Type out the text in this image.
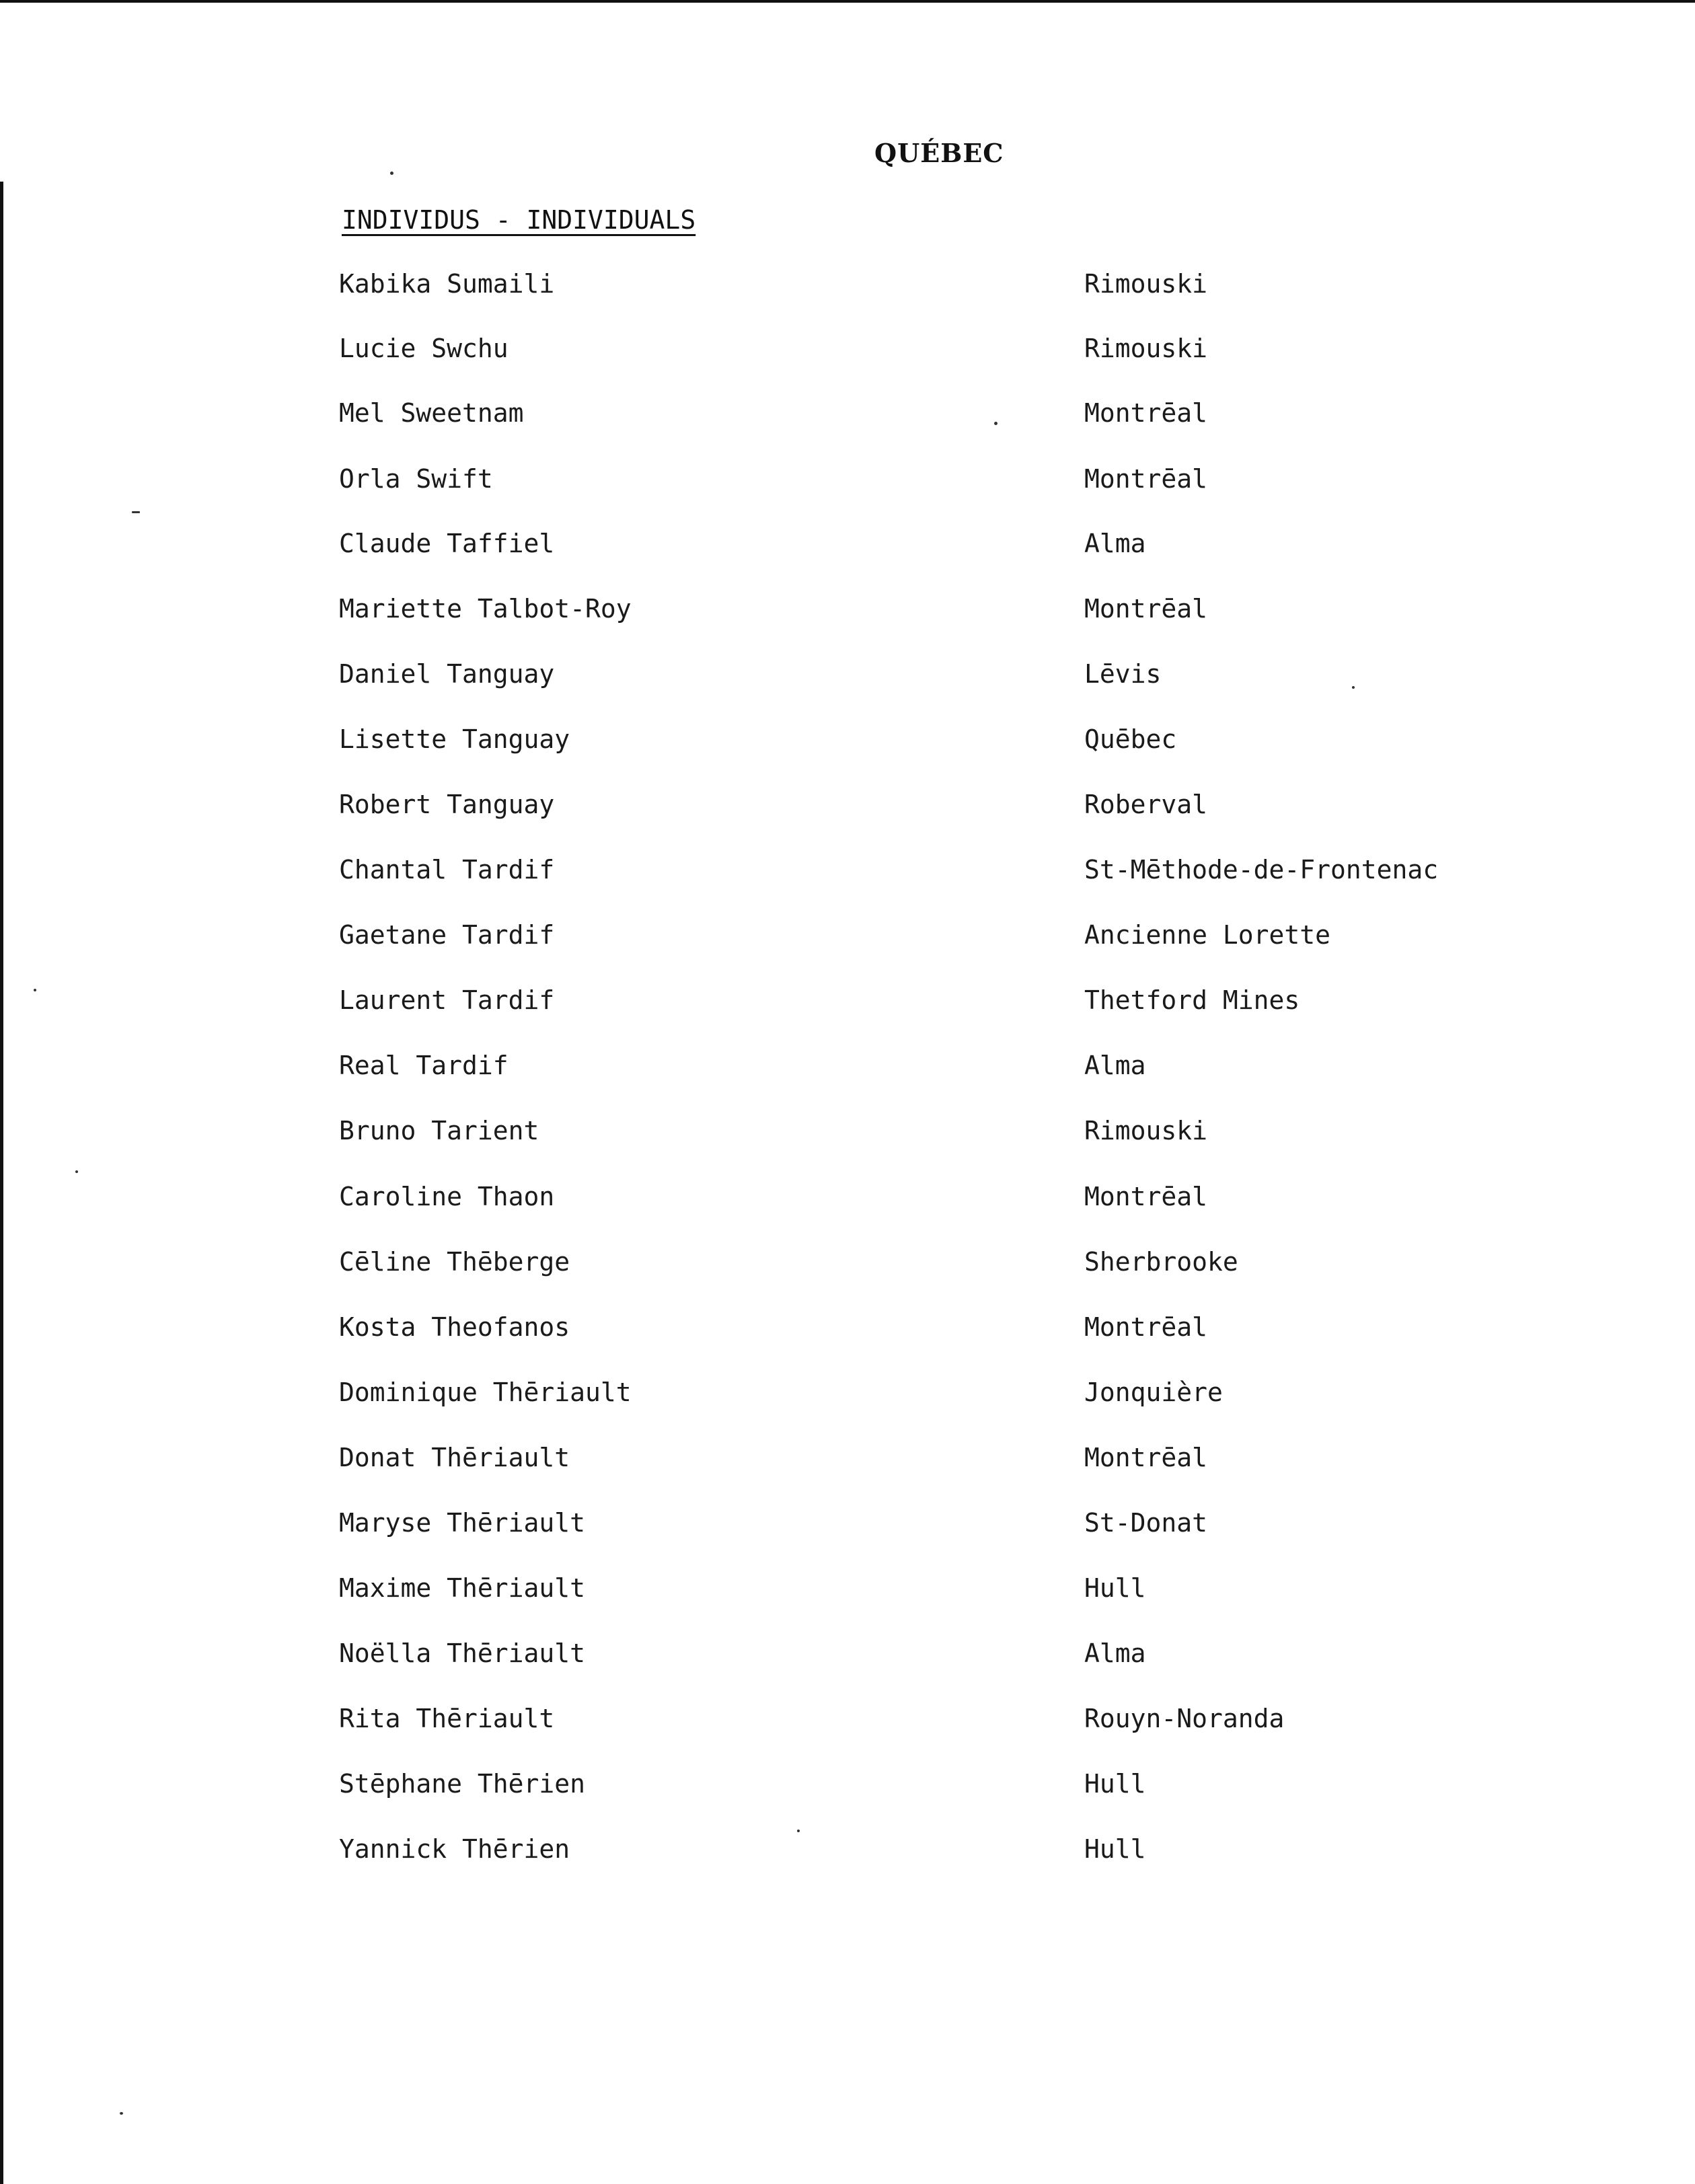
QUÉBEC
INDIVIDUS - INDIVIDUALS
Kabika Sumaili	Rimouski
Lucie Swchu	Rimouski
Mel Sweetnam	Montrēal
Orla Swift	Montrēal
Claude Taffiel	Alma
Mariette Talbot-Roy	Montrēal
Daniel Tanguay	Lēvis
Lisette Tanguay	Quēbec
Robert Tanguay	Roberval
Chantal Tardif	St-Mēthode-de-Frontenac
Gaetane Tardif	Ancienne Lorette
Laurent Tardif	Thetford Mines
Real Tardif	Alma
Bruno Tarient	Rimouski
Caroline Thaon	Montrēal
Cēline Thēberge	Sherbrooke
Kosta Theofanos	Montrēal
Dominique Thēriault	Jonquière
Donat Thēriault	Montrēal
Maryse Thēriault	St-Donat
Maxime Thēriault	Hull
Noëlla Thēriault	Alma
Rita Thēriault	Rouyn-Noranda
Stēphane Thērien	Hull
Yannick Thērien	Hull
